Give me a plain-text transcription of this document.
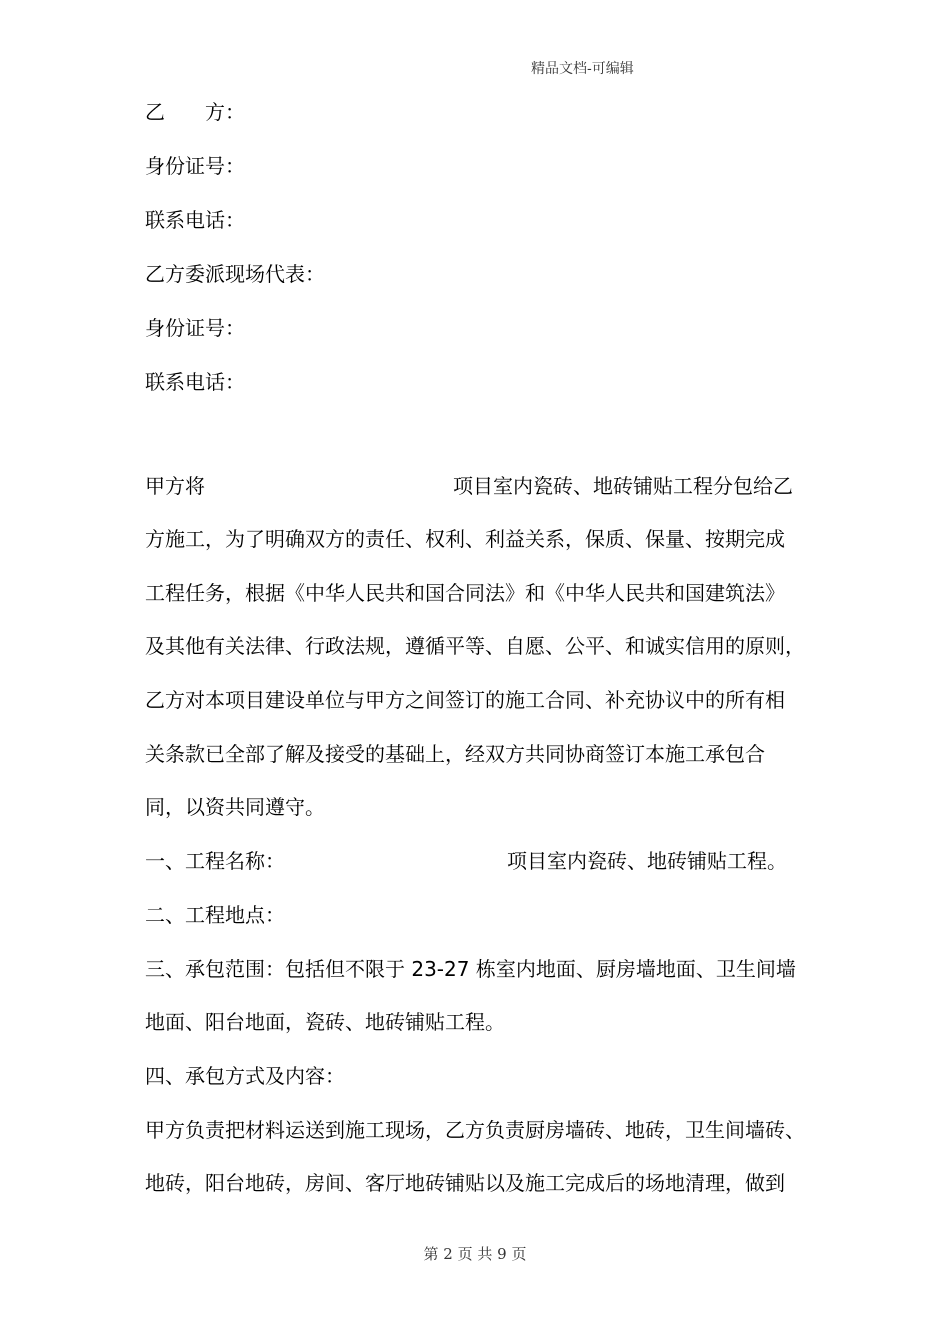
精品文档-可编辑
乙 方：
身份证号：
联系电话：
乙方委派现场代表：
身份证号：
联系电话：
甲方将	项目室内瓷砖、地砖铺贴工程分包给乙
方施工，为了明确双方的责任、权利、利益关系，保质、保量、按期完成
工程任务，根据《中华人民共和国合同法》和《中华人民共和国建筑法》
及其他有关法律、行政法规，遵循平等、自愿、公平、和诚实信用的原则，
乙方对本项目建设单位与甲方之间签订的施工合同、补充协议中的所有相
关条款已全部了解及接受的基础上，经双方共同协商签订本施工承包合
同，以资共同遵守。
一、工程名称：	项目室内瓷砖、地砖铺贴工程。
二、工程地点：
三、承包范围：包括但不限于 23-27 栋室内地面、厨房墙地面、卫生间墙
地面、阳台地面，瓷砖、地砖铺贴工程。
四、承包方式及内容：
甲方负责把材料运送到施工现场，乙方负责厨房墙砖、地砖，卫生间墙砖、
地砖，阳台地砖，房间、客厅地砖铺贴以及施工完成后的场地清理，做到
第 2 页 共 9 页
